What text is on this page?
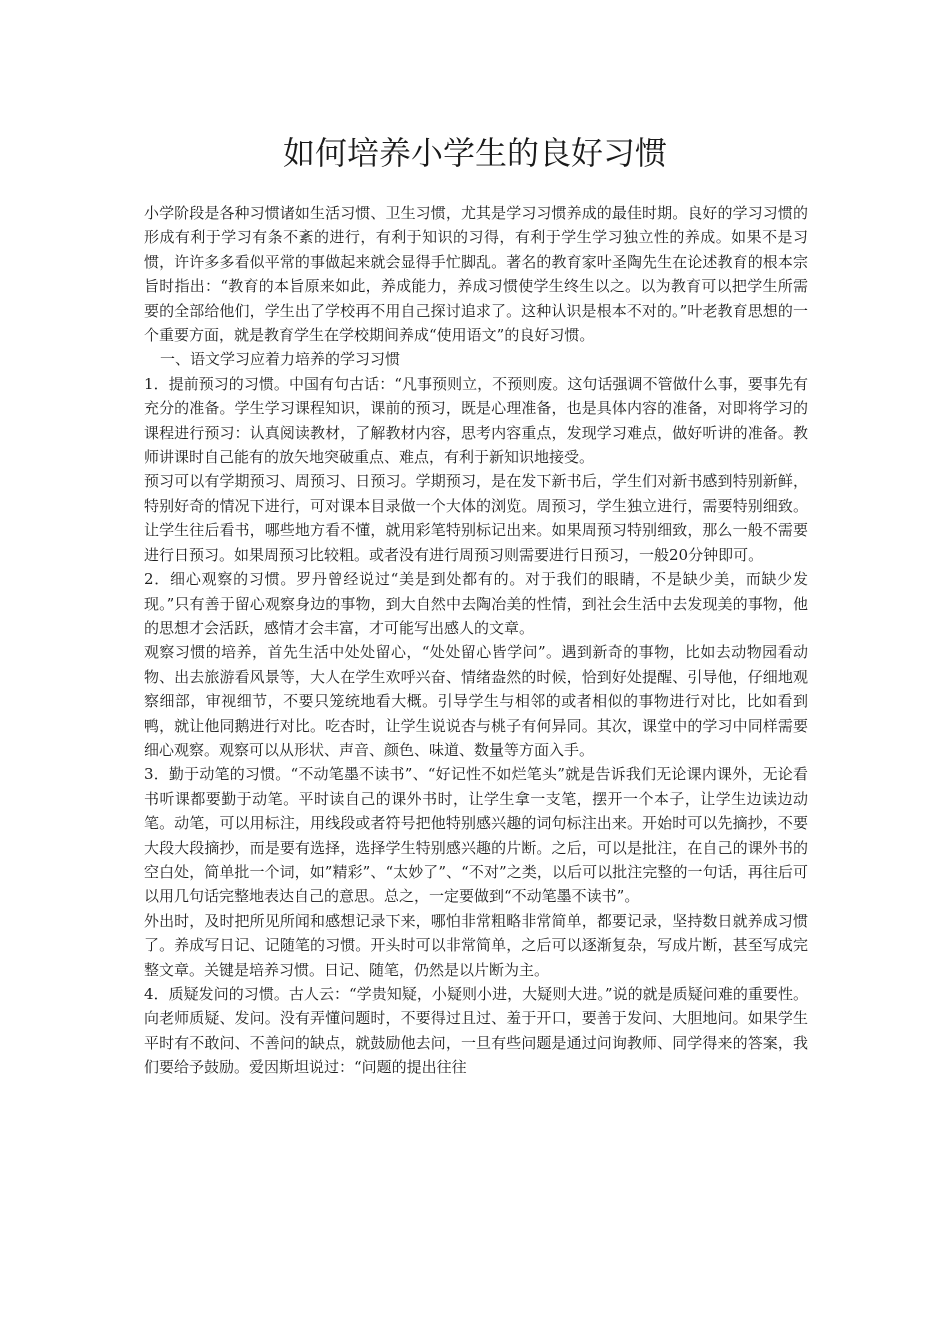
如何培养小学生的良好习惯

小学阶段是各种习惯诸如生活习惯、卫生习惯，尤其是学习习惯养成的最佳时期。良好的学习习惯的形成有利于学习有条不紊的进行，有利于知识的习得，有利于学生学习独立性的养成。如果不是习惯，许许多多看似平常的事做起来就会显得手忙脚乱。著名的教育家叶圣陶先生在论述教育的根本宗旨时指出：“教育的本旨原来如此，养成能力，养成习惯使学生终生以之。以为教育可以把学生所需要的全部给他们，学生出了学校再不用自己探讨追求了。这种认识是根本不对的。”叶老教育思想的一个重要方面，就是教育学生在学校期间养成“使用语文”的良好习惯。

一、语文学习应着力培养的学习习惯

1．提前预习的习惯。中国有句古话：“凡事预则立，不预则废。这句话强调不管做什么事，要事先有充分的准备。学生学习课程知识，课前的预习，既是心理准备，也是具体内容的准备，对即将学习的课程进行预习：认真阅读教材，了解教材内容，思考内容重点，发现学习难点，做好听讲的准备。教师讲课时自己能有的放矢地突破重点、难点，有利于新知识地接受。

预习可以有学期预习、周预习、日预习。学期预习，是在发下新书后，学生们对新书感到特别新鲜，特别好奇的情况下进行，可对课本目录做一个大体的浏览。周预习，学生独立进行，需要特别细致。让学生往后看书，哪些地方看不懂，就用彩笔特别标记出来。如果周预习特别细致，那么一般不需要进行日预习。如果周预习比较粗。或者没有进行周预习则需要进行日预习，一般20分钟即可。

2．细心观察的习惯。罗丹曾经说过“美是到处都有的。对于我们的眼睛，不是缺少美，而缺少发现。”只有善于留心观察身边的事物，到大自然中去陶冶美的性情，到社会生活中去发现美的事物，他的思想才会活跃，感情才会丰富，才可能写出感人的文章。

观察习惯的培养，首先生活中处处留心，“处处留心皆学问”。遇到新奇的事物，比如去动物园看动物、出去旅游看风景等，大人在学生欢呼兴奋、情绪盎然的时候，恰到好处提醒、引导他，仔细地观察细部，审视细节，不要只笼统地看大概。引导学生与相邻的或者相似的事物进行对比，比如看到鸭，就让他同鹅进行对比。吃杏时，让学生说说杏与桃子有何异同。其次，课堂中的学习中同样需要细心观察。观察可以从形状、声音、颜色、味道、数量等方面入手。

3．勤于动笔的习惯。“不动笔墨不读书”、“好记性不如烂笔头”就是告诉我们无论课内课外，无论看书听课都要勤于动笔。平时读自己的课外书时，让学生拿一支笔，摆开一个本子，让学生边读边动笔。动笔，可以用标注，用线段或者符号把他特别感兴趣的词句标注出来。开始时可以先摘抄，不要大段大段摘抄，而是要有选择，选择学生特别感兴趣的片断。之后，可以是批注，在自己的课外书的空白处，简单批一个词，如”精彩”、“太妙了”、“不对”之类，以后可以批注完整的一句话，再往后可以用几句话完整地表达自己的意思。总之，一定要做到“不动笔墨不读书”。

外出时，及时把所见所闻和感想记录下来，哪怕非常粗略非常简单，都要记录，坚持数日就养成习惯了。养成写日记、记随笔的习惯。开头时可以非常简单，之后可以逐渐复杂，写成片断，甚至写成完整文章。关键是培养习惯。日记、随笔，仍然是以片断为主。

4．质疑发问的习惯。古人云：“学贵知疑，小疑则小进，大疑则大进。”说的就是质疑问难的重要性。向老师质疑、发问。没有弄懂问题时，不要得过且过、羞于开口，要善于发问、大胆地问。如果学生平时有不敢问、不善问的缺点，就鼓励他去问，一旦有些问题是通过问询教师、同学得来的答案，我们要给予鼓励。爱因斯坦说过：“问题的提出往往
